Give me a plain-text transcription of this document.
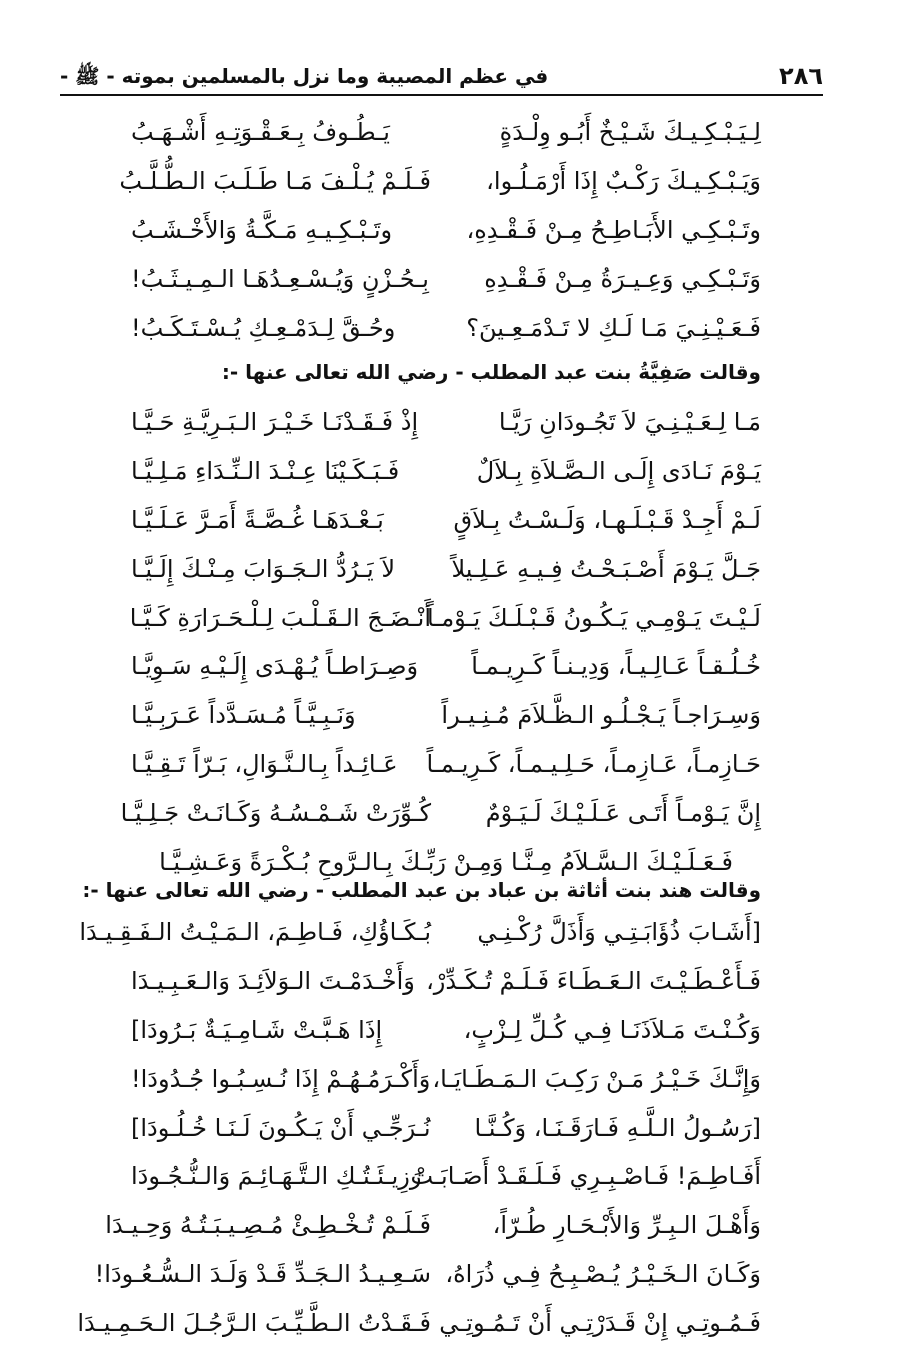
٢٨٦
في عظم المصيبة وما نزل بالمسلمين بموته - ﷺ -
لِـيَـبْـكِـيـكَ شَـيْـخٌ أَبُـو وِلْـدَةٍ
يَـطُـوفُ بِـعَـقْـوَتِـهِ أَشْـهَـبُ
وَيَـبْـكِـيـكَ رَكْـبٌ إِذَا أَرْمَـلُـوا،
فَـلَـمْ يُـلْـفَ مَـا طَـلَـبَ الـطُّـلَّـبُ
وتَـبْـكِـي الأَبَـاطِـحُ مِـنْ فَـقْـدِهِ،
وتَـبْـكِـيـهِ مَـكَّـةُ وَالأَخْـشَـبُ
وَتَـبْـكِـي وَعِـيـرَةُ مِـنْ فَـقْـدِهِ
بِـحُـزْنٍ وَيُـسْـعِـدُهَـا الـمِـيـثَـبُ!
فَـعَـيْـنِـيَ مَـا لَـكِ لا تَـدْمَـعِـينَ؟
وحُـقَّ لِـدَمْـعِـكِ يُـسْـتَـكَـبُ!
وقالت صَفِيَّةُ بنت عبد المطلب - رضي الله تعالى عنها -:
مَـا لِـعَـيْـنِـيَ لاَ تَجُـودَانِ رَيَّـا
إِذْ فَـقَـدْنَـا خَـيْـرَ الـبَـرِيَّـةِ حَـيَّـا
يَـوْمَ نَـادَى إِلَـى الـصَّـلاَةِ بِـلاَلٌ
فَـبَـكَـيْنَا عِـنْـدَ الـنِّـدَاءِ مَـلِـيَّـا
لَـمْ أَجِـدْ قَـبْـلَـهـا، وَلَـسْـتُ بِـلاَقٍ
بَـعْـدَهَـا غُـصَّـةً أَمَـرَّ عَـلَـيَّـا
جَـلَّ يَـوْمَ أَصْـبَـحْـتُ فِـيـهِ عَـلِـيلاً
لاَ يَـرُدُّ الـجَـوَابَ مِـنْـكَ إِلَـيَّـا
لَـيْـتَ يَـوْمِـي يَـكُـونُ قَـبْـلَـكَ يَـوْمـاً
أَنْـضَـجَ الـقَـلْـبَ لِـلْـحَـرَارَةِ كَـيَّـا
خُـلُـقـاً عَـالِـيـاً، وَدِيـنـاً كَـرِيـمـاً
وَصِـرَاطـاً يُـهْـدَى إِلَـيْـهِ سَـوِيَّـا
وَسِـرَاجـاً يَـجْـلُـو الـظَّـلاَمَ مُـنِـيـراً
وَنَـبِـيَّـاً مُـسَـدَّداً عَـرَبِـيَّـا
حَـازِمـاً، عَـازِمـاً، حَـلِـيـمـاً، كَـرِيـمـاً
عَـائِـداً بِـالـنَّـوَالِ، بَـرّاً تَـقِـيَّـا
إِنَّ يَـوْمـاً أَتَـى عَـلَـيْـكَ لَـيَـوْمٌ
كُـوِّرَتْ شَـمْـسُـهُ وَكَـانَـتْ جَـلِـيَّـا
فَـعَـلَـيْـكَ الـسَّـلاَمُ مِـنَّـا وَمِـنْ رَبِّـكَ بِـالـرَّوحِ بُـكْـرَةً وَعَـشِـيَّـا
وقالت هند بنت أثاثة بن عباد بن عبد المطلب - رضي الله تعالى عنها -:
[أَشَـابَ ذُؤَابَـتِـي وَأَذَلَّ رُكْـنِـي
بُـكَـاؤُكِ، فَـاطِـمَ، الـمَـيْـتُ الـفَـقِـيـدَا
فَـأَعْـطَـيْـتَ الـعَـطَـاءَ فَـلَـمْ تُـكَـدِّرْ،
وَأَخْـدَمْـتَ الـوَلاَئِـدَ وَالـعَـبِـيـدَا
وَكُـنْـتَ مَـلاَذَنَـا فِـي كُـلِّ لِـزْبٍ،
إِذَا هَـبَّـتْ شَـامِـيَـةٌ بَـرُودَا]
وَإِنَّـكَ خَـيْـرُ مَـنْ رَكِـبَ الـمَـطَـايَـا،
وَأَكْـرَمُـهُـمْ إِذَا نُـسِـبُـوا جُـدُودَا!
[رَسُـولُ الـلَّـهِ فَـارَقَـنَـا، وَكُـنَّـا
نُـرَجِّـي أَنْ يَـكُـونَ لَـنَـا خُـلُـودَا]
أَفَـاطِـمَ! فَـاصْـبِـرِي فَـلَـقَـدْ أَصَـابَـتْ
رَزِيـئَـتُـكِ الـتَّـهَـائِـمَ وَالـنُّـجُـودَا
وَأَهْـلَ الـبِـرِّ وَالأَبْـحَـارِ طُـرّاً،
فَـلَـمْ تُـخْـطِـئْ مُـصِـيـبَـتُـهُ وَحِـيـدَا
وَكَـانَ الـخَـيْـرُ يُـصْـبِـحُ فِـي ذُرَاهُ،
سَـعِـيـدُ الـجَـدِّ قَـدْ وَلَـدَ الـسُّـعُـودَا!
فَـمُـوتِـي إِنْ قَـدَرْتِـي أَنْ تَـمُـوتِـي
فَـقَـدْتُ الـطَّـيِّـبَ الـرَّجُـلَ الـحَـمِـيـدَا
